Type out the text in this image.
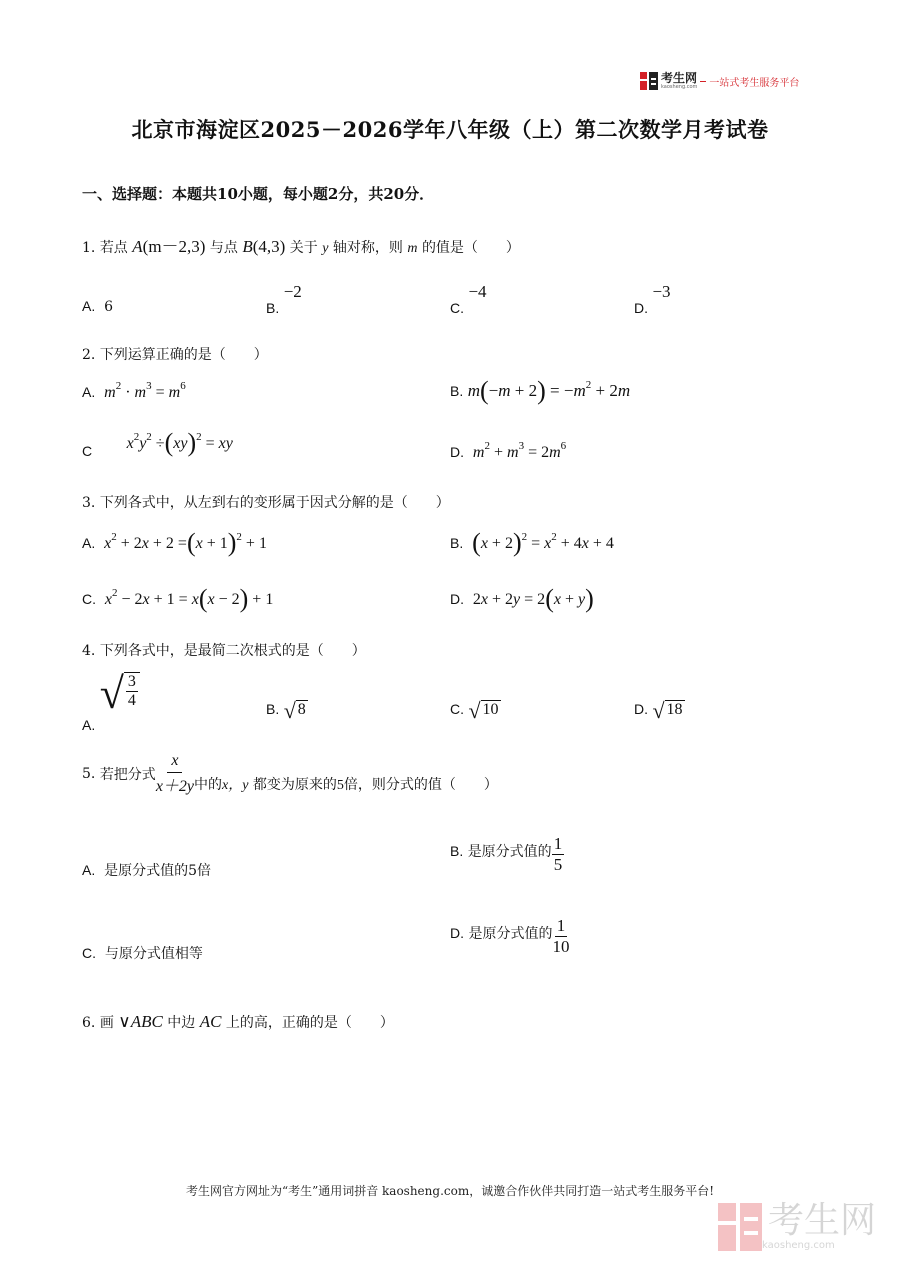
考生网
kaosheng.com 一站式考生服务平台
北京市海淀区2025－2026学年八年级（上）第二次数学月考试卷
一、选择题：本题共10小题，每小题2分，共20分．
1. 若点 A(m－2,3) 与点 B(4,3) 关于 y 轴对称，则 m 的值是（　　）
A. 6	B. −2
C. −4
D. −3
2. 下列运算正确的是（　　）
A. $m^2 \cdot m^3 = m^6$	B. $m(-m + 2) = -m^2 + 2m$
C $x^2y^2 \div(xy)^2$ = xy	D. $m^2 + m^3 = 2m^6$
3. 下列各式中，从左到右的变形属于因式分解的是（　　）
A. $x^2 + 2x + 2 =(x + 1)^2 + 1$	B. $(x + 2)^2 = x^2 + 4x + 4$
C. $x^2 - 2x + 1 = x(x - 2) + 1$	D. 2x + 2y = 2(x + y)
4. 下列各式中，是最简二次根式的是（　　）
A.
√ $\frac{3}{4}$	B. √ 8	C. √ 10	D. √ 18
5.
若把分式 $\frac{x}{x+2y}$ 中的x，y 都变为原来的5倍，则分式的值（　　）
A. 是原分式值的5倍
B.
是原分式值的 $\frac{1}{5}$
C. 与原分式值相等
D.
是原分式值的 $\frac{1}{10}$
6. 画 ∨ABC 中边 AC 上的高，正确的是（　　）
考生网官方网址为“考生”通用词拼音 kaosheng.com，诚邀合作伙伴共同打造一站式考生服务平台!
考生网
kaosheng.com
